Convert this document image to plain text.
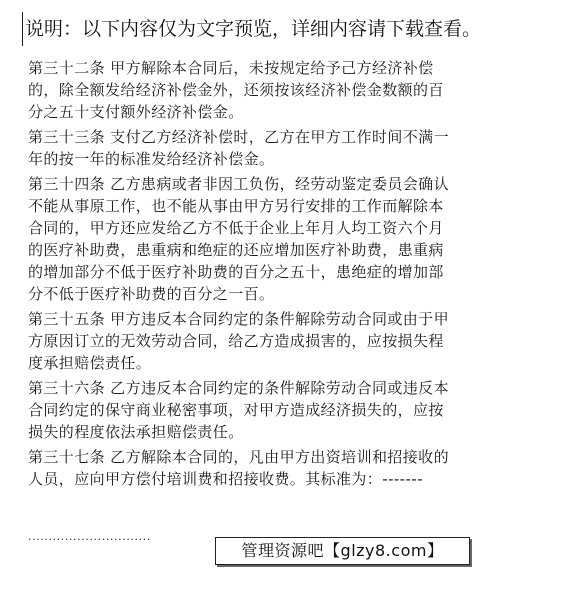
说明：以下内容仅为文字预览，详细内容请下载查看。
第三十二条 甲方解除本合同后，未按规定给予己方经济补偿
的，除全额发给经济补偿金外，还须按该经济补偿金数额的百
分之五十支付额外经济补偿金。
第三十三条 支付乙方经济补偿时，乙方在甲方工作时间不满一
年的按一年的标准发给经济补偿金。
第三十四条 乙方患病或者非因工负伤，经劳动鉴定委员会确认
不能从事原工作，也不能从事由甲方另行安排的工作而解除本
合同的，甲方还应发给乙方不低于企业上年月人均工资六个月
的医疗补助费，患重病和绝症的还应增加医疗补助费，患重病
的增加部分不低于医疗补助费的百分之五十，患绝症的增加部
分不低于医疗补助费的百分之一百。
第三十五条 甲方违反本合同约定的条件解除劳动合同或由于甲
方原因订立的无效劳动合同，给乙方造成损害的，应按损失程
度承担赔偿责任。
第三十六条 乙方违反本合同约定的条件解除劳动合同或违反本
合同约定的保守商业秘密事项，对甲方造成经济损失的，应按
损失的程度依法承担赔偿责任。
第三十七条 乙方解除本合同的，凡由甲方出资培训和招接收的
人员，应向甲方偿付培训费和招接收费。其标准为：-------
······························
管理资源吧【glzy8.com】
